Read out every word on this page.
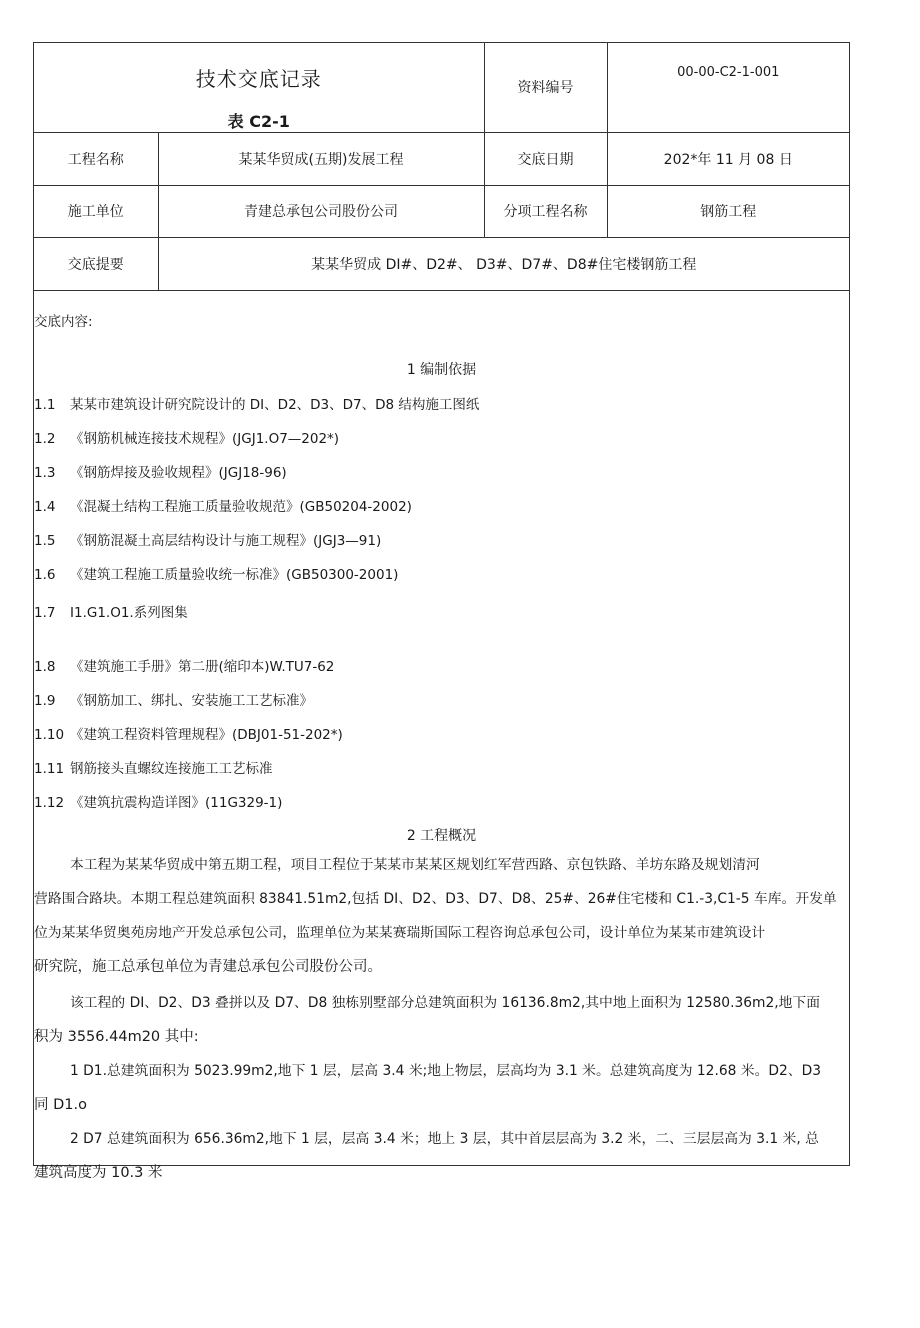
技术交底记录
表 C2-1		资料编号	00-00-C2-1-001

工程名称	某某华贸成(五期)发展工程	交底日期	202*年 11 月 08 日
施工单位	青建总承包公司股份公司	分项工程名称	钢筋工程
交底提要	某某华贸成 DI#、D2#、 D3#、D7#、D8#住宅楼钢筋工程		
交底内容:
1 编制依据
1.1 某某市建筑设计研究院设计的 DI、D2、D3、D7、D8 结构施工图纸
1.2 《钢筋机械连接技术规程》(JGJ1.O7—202*)
1.3 《钢筋焊接及验收规程》(JGJ18-96)
1.4 《混凝土结构工程施工质量验收规范》(GB50204-2002)
1.5 《钢筋混凝土高层结构设计与施工规程》(JGJ3—91)
1.6 《建筑工程施工质量验收统一标准》(GB50300-2001)
1.7 I1.G1.O1.系列图集
1.8 《建筑施工手册》第二册(缩印本)W.TU7-62
1.9 《钢筋加工、绑扎、安装施工工艺标准》
1.10 《建筑工程资料管理规程》(DBJ01-51-202*)
1.11 钢筋接头直螺纹连接施工工艺标准
1.12 《建筑抗震构造详图》(11G329-1)
2 工程概况
本工程为某某华贸成中第五期工程，项目工程位于某某市某某区规划红军营西路、京包铁路、羊坊东路及规划清河
营路围合路块。本期工程总建筑面积 83841.51m2,包括 DI、D2、D3、D7、D8、25#、26#住宅楼和 C1.-3,C1-5 车库。开发单
位为某某华贸奥苑房地产开发总承包公司，监理单位为某某赛瑞斯国际工程咨询总承包公司，设计单位为某某市建筑设计
研究院，施工总承包单位为青建总承包公司股份公司。
该工程的 DI、D2、D3 叠拼以及 D7、D8 独栋别墅部分总建筑面积为 16136.8m2,其中地上面积为 12580.36m2,地下面
积为 3556.44m20 其中:
1 D1.总建筑面积为 5023.99m2,地下 1 层，层高 3.4 米;地上物层，层高均为 3.1 米。总建筑高度为 12.68 米。D2、D3
同 D1.o
2 D7 总建筑面积为 656.36m2,地下 1 层，层高 3.4 米；地上 3 层，其中首层层高为 3.2 米，二、三层层高为 3.1 米, 总
建筑高度为 10.3 米
